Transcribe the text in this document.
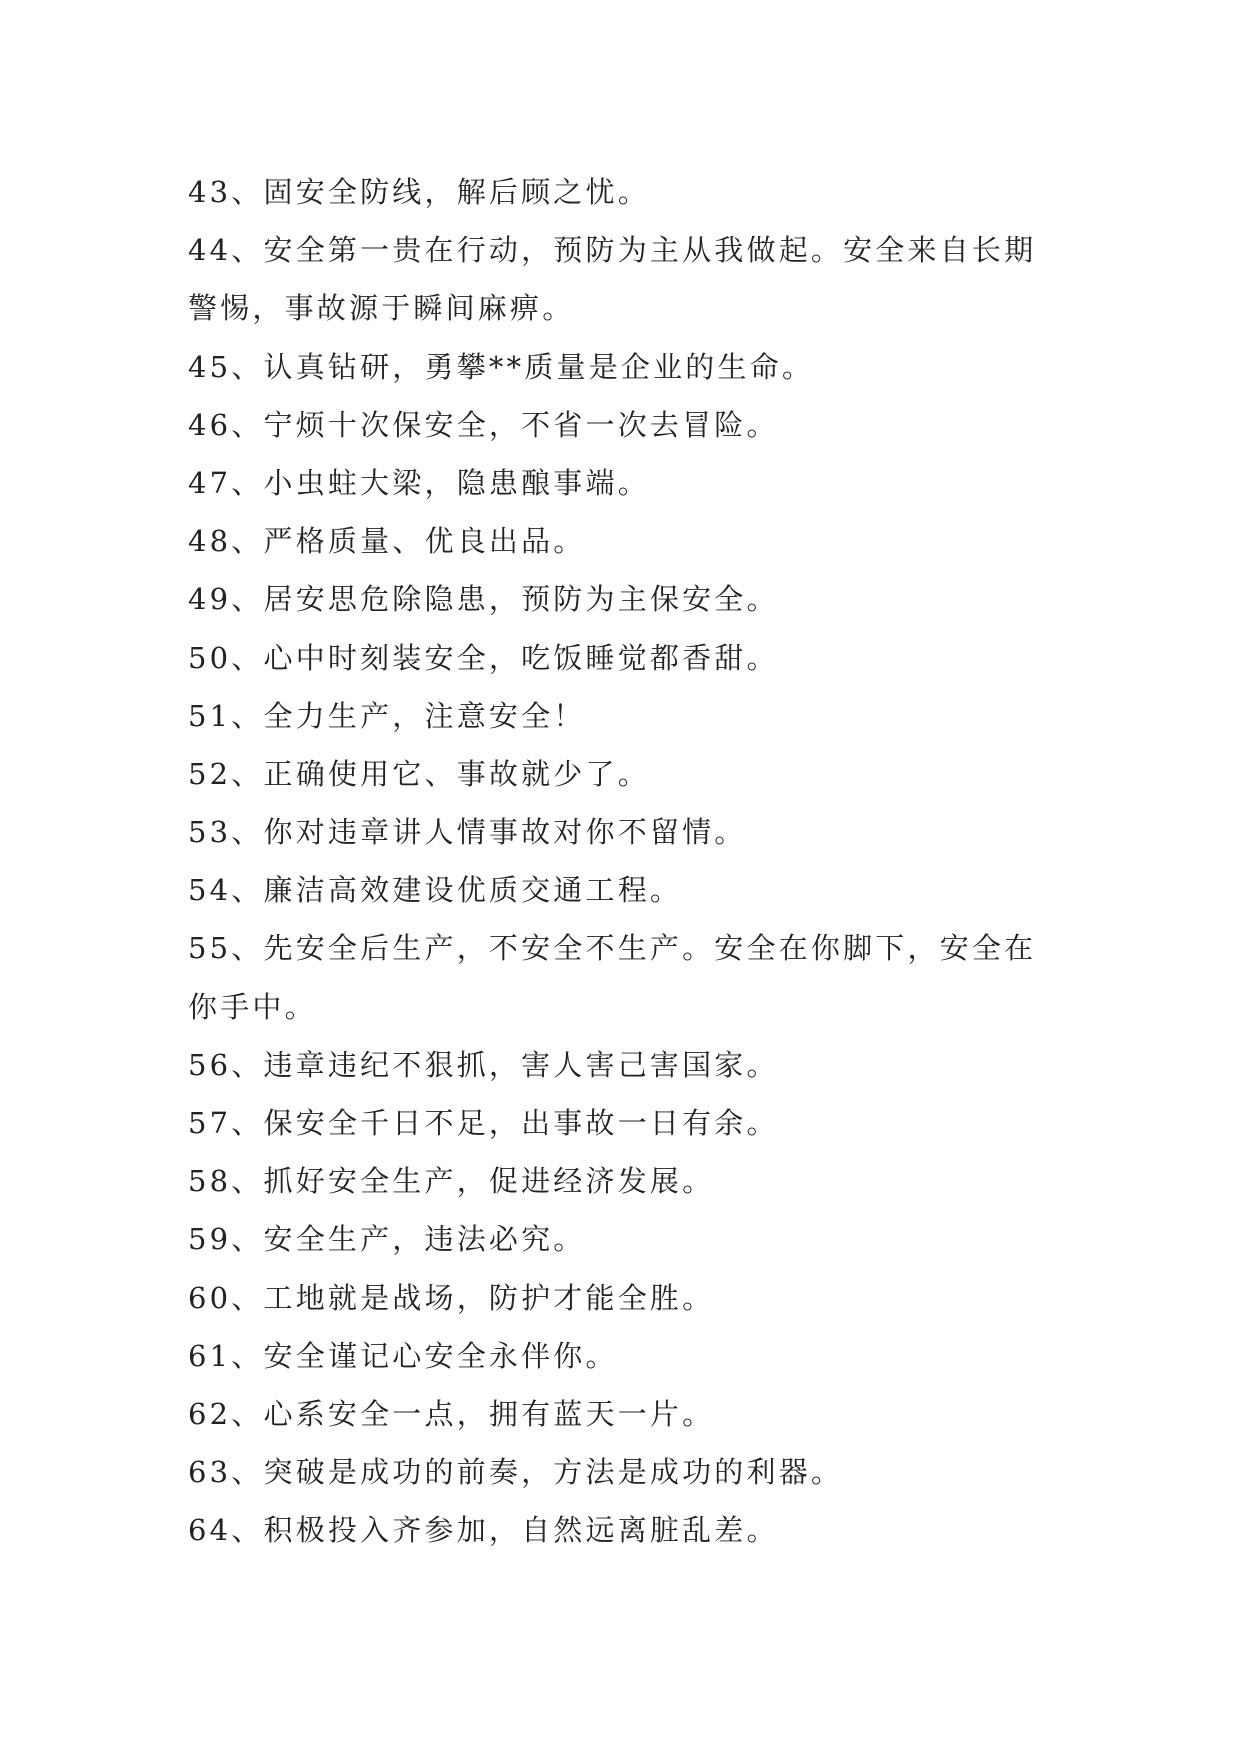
43、固安全防线，解后顾之忧。
44、安全第一贵在行动，预防为主从我做起。安全来自长期
警惕，事故源于瞬间麻痹。
45、认真钻研，勇攀**质量是企业的生命。
46、宁烦十次保安全，不省一次去冒险。
47、小虫蛀大梁，隐患酿事端。
48、严格质量、优良出品。
49、居安思危除隐患，预防为主保安全。
50、心中时刻装安全，吃饭睡觉都香甜。
51、全力生产，注意安全！
52、正确使用它、事故就少了。
53、你对违章讲人情事故对你不留情。
54、廉洁高效建设优质交通工程。
55、先安全后生产，不安全不生产。安全在你脚下，安全在
你手中。
56、违章违纪不狠抓，害人害己害国家。
57、保安全千日不足，出事故一日有余。
58、抓好安全生产，促进经济发展。
59、安全生产，违法必究。
60、工地就是战场，防护才能全胜。
61、安全谨记心安全永伴你。
62、心系安全一点，拥有蓝天一片。
63、突破是成功的前奏，方法是成功的利器。
64、积极投入齐参加，自然远离脏乱差。
